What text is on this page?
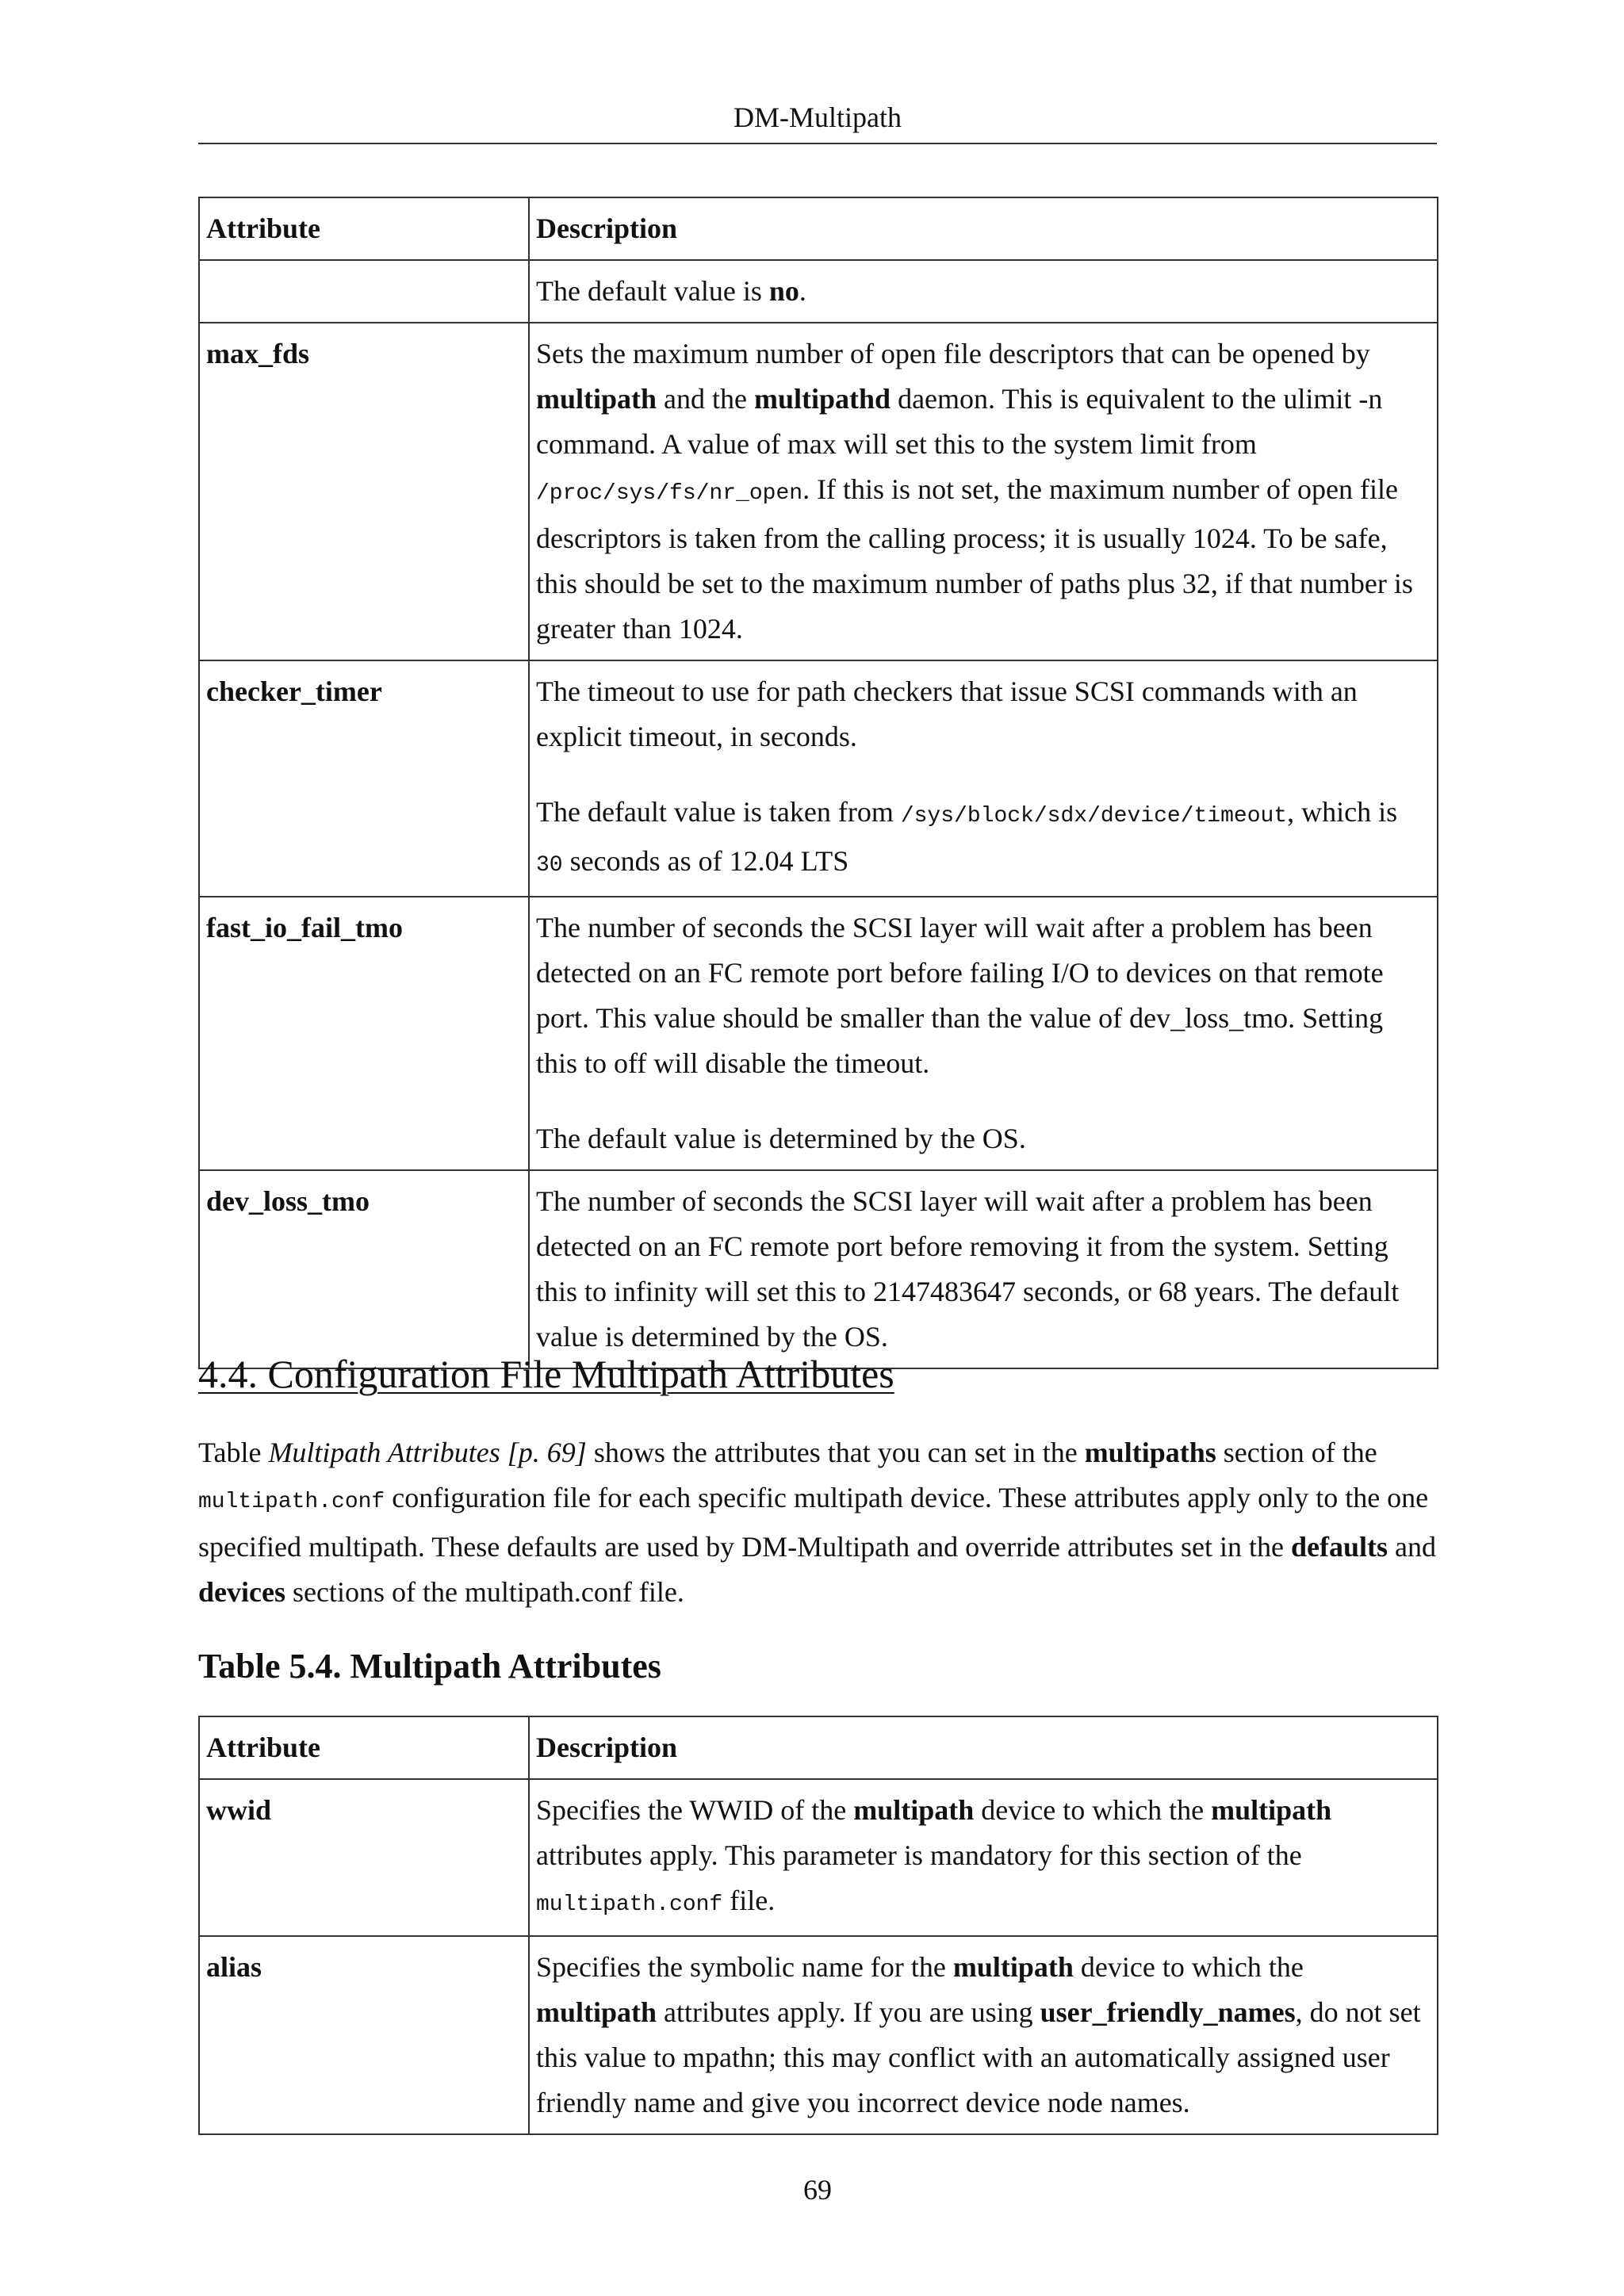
DM-Multipath
Attribute	Description
	The default value is no.
max_fds	Sets the maximum number of open file descriptors that can be opened by multipath and the multipathd daemon. This is equivalent to the ulimit -n command. A value of max will set this to the system limit from /proc/sys/fs/nr_open. If this is not set, the maximum number of open file descriptors is taken from the calling process; it is usually 1024. To be safe, this should be set to the maximum number of paths plus 32, if that number is greater than 1024.
checker_timer	The timeout to use for path checkers that issue SCSI commands with an explicit timeout, in seconds.
The default value is taken from /sys/block/sdx/device/timeout, which is 30 seconds as of 12.04 LTS

fast_io_fail_tmo	The number of seconds the SCSI layer will wait after a problem has been detected on an FC remote port before failing I/O to devices on that remote port. This value should be smaller than the value of dev_loss_tmo. Setting this to off will disable the timeout.
The default value is determined by the OS.

dev_loss_tmo	The number of seconds the SCSI layer will wait after a problem has been detected on an FC remote port before removing it from the system. Setting this to infinity will set this to 2147483647 seconds, or 68 years. The default value is determined by the OS.
4.4. Configuration File Multipath Attributes
Table Multipath Attributes [p. 69] shows the attributes that you can set in the multipaths section of the multipath.conf configuration file for each specific multipath device. These attributes apply only to the one specified multipath. These defaults are used by DM-Multipath and override attributes set in the defaults and devices sections of the multipath.conf file.
Table 5.4. Multipath Attributes
Attribute	Description
wwid	Specifies the WWID of the multipath device to which the multipath attributes apply. This parameter is mandatory for this section of the multipath.conf file.
alias	Specifies the symbolic name for the multipath device to which the multipath attributes apply. If you are using user_friendly_names, do not set this value to mpathn; this may conflict with an automatically assigned user friendly name and give you incorrect device node names.
69
